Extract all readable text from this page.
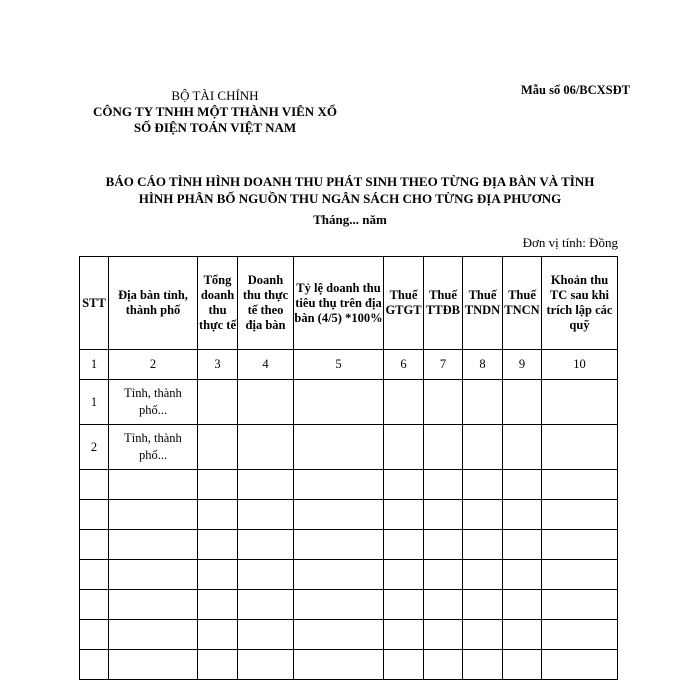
BỘ TÀI CHÍNH
CÔNG TY TNHH MỘT THÀNH VIÊN XỔ
SỐ ĐIỆN TOÁN VIỆT NAM
Mẫu số 06/BCXSĐT
BÁO CÁO TÌNH HÌNH DOANH THU PHÁT SINH THEO TỪNG ĐỊA BÀN VÀ TÌNH
HÌNH PHÂN BỐ NGUỒN THU NGÂN SÁCH CHO TỪNG ĐỊA PHƯƠNG
Tháng... năm
Đơn vị tính: Đồng
STT	Địa bàn tỉnh, thành phố	Tổng doanh thu thực tế	Doanh thu thực tế theo địa bàn	Tỷ lệ doanh thu tiêu thụ trên địa bàn (4/5) *100%	Thuế GTGT	Thuế TTĐB	Thuế TNDN	Thuế TNCN	Khoản thu TC sau khi trích lập các quỹ
1	2	3	4	5	6	7	8	9	10
1	Tỉnh, thành phố...								
2	Tỉnh, thành phố...								
